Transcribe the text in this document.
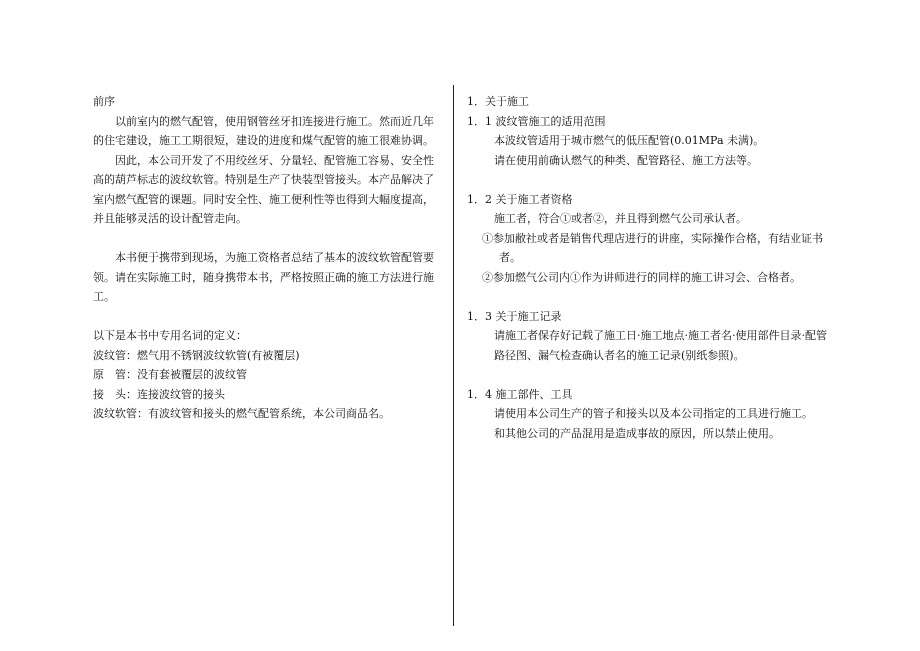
前序

以前室内的燃气配管，使用钢管丝牙扣连接进行施工。然而近几年的住宅建设，施工工期很短，建设的进度和煤气配管的施工很难协调。

因此，本公司开发了不用绞丝牙、分量轻、配管施工容易、安全性高的葫芦标志的波纹软管。特别是生产了快装型管接头。本产品解决了室内燃气配管的课题。同时安全性、施工便利性等也得到大幅度提高，并且能够灵活的设计配管走向。

本书便于携带到现场，为施工资格者总结了基本的波纹软管配管要领。请在实际施工时，随身携带本书，严格按照正确的施工方法进行施工。

以下是本书中专用名词的定义：

波纹管：燃气用不锈钢波纹软管(有被覆层)

原　管：没有套被覆层的波纹管

接　头：连接波纹管的接头

波纹软管：有波纹管和接头的燃气配管系统，本公司商品名。

1．关于施工

1．1 波纹管施工的适用范围

本波纹管适用于城市燃气的低压配管(0.01MPa 未满)。

请在使用前确认燃气的种类、配管路径、施工方法等。

1．2 关于施工者资格

施工者，符合①或者②，并且得到燃气公司承认者。

①参加敝社或者是销售代理店进行的讲座，实际操作合格，有结业证书者。

②参加燃气公司内①作为讲师进行的同样的施工讲习会、合格者。

1．3 关于施工记录

请施工者保存好记载了施工日·施工地点·施工者名·使用部件目录·配管路径图、漏气检查确认者名的施工记录(别纸参照)。

1．4 施工部件、工具

请使用本公司生产的管子和接头以及本公司指定的工具进行施工。

和其他公司的产品混用是造成事故的原因，所以禁止使用。
